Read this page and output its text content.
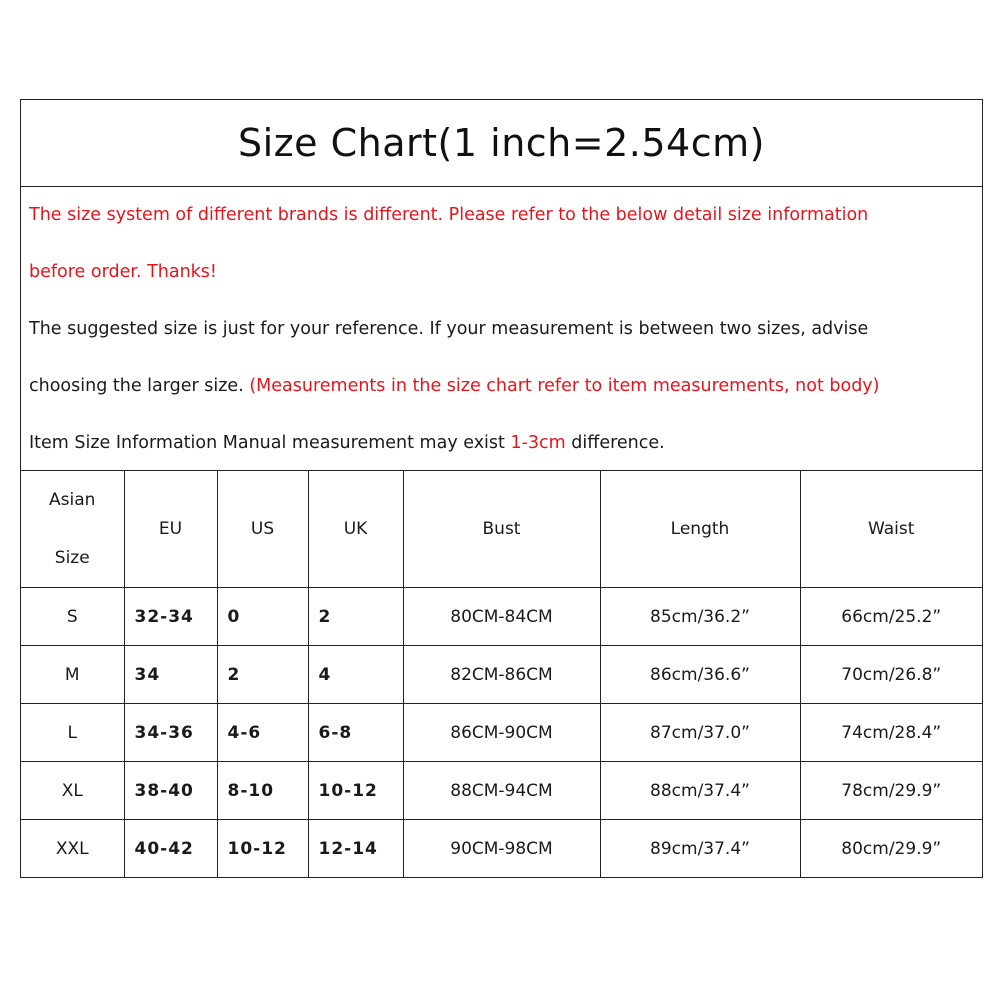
Size Chart(1 inch=2.54cm)
The size system of different brands is different. Please refer to the below detail size information
before order. Thanks!
The suggested size is just for your reference. If your measurement is between two sizes, advise
choosing the larger size. (Measurements in the size chart refer to item measurements, not body)
Item Size Information Manual measurement may exist 1-3cm difference.
Asian
Size	EU	US	UK	Bust	Length	Waist
S	32-34	0	2	80CM-84CM	85cm/36.2”	66cm/25.2”
M	34	2	4	82CM-86CM	86cm/36.6”	70cm/26.8”
L	34-36	4-6	6-8	86CM-90CM	87cm/37.0”	74cm/28.4”
XL	38-40	8-10	10-12	88CM-94CM	88cm/37.4”	78cm/29.9”
XXL	40-42	10-12	12-14	90CM-98CM	89cm/37.4”	80cm/29.9”
